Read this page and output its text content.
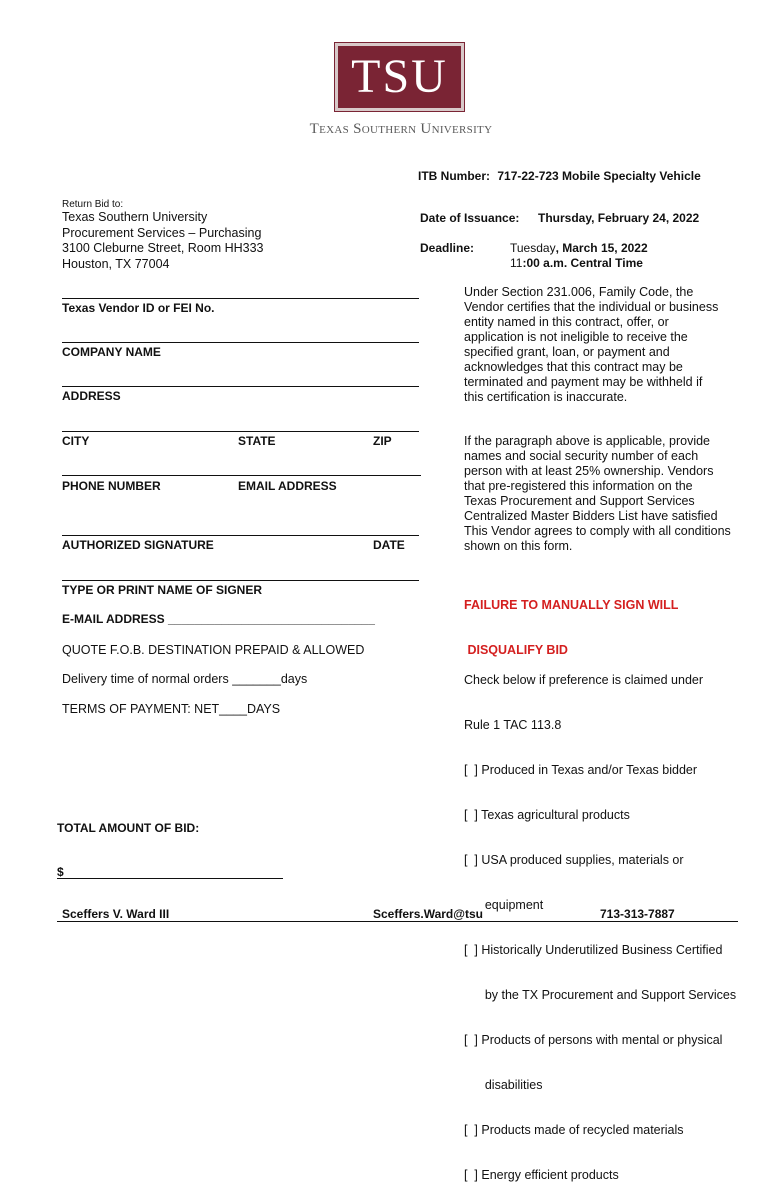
TSU
Texas Southern University
ITB Number: 717-22-723 Mobile Specialty Vehicle
Return Bid to:
Texas Southern University
Procurement Services – Purchasing
3100 Cleburne Street, Room HH333
Houston, TX 77004
Date of Issuance: Thursday, February 24, 2022
Deadline:	Tuesday, March 15, 2022
11:00 a.m. Central Time
Texas Vendor ID or FEI No.
COMPANY NAME
ADDRESS
CITY	STATE	ZIP
PHONE NUMBER	EMAIL ADDRESS
AUTHORIZED SIGNATURE	DATE
TYPE OR PRINT NAME OF SIGNER
E-MAIL ADDRESS _______________________________
Under Section 231.006, Family Code, the
Vendor certifies that the individual or business
entity named in this contract, offer, or
application is not ineligible to receive the
specified grant, loan, or payment and
acknowledges that this contract may be
terminated and payment may be withheld if
this certification is inaccurate.
If the paragraph above is applicable, provide
names and social security number of each
person with at least 25% ownership. Vendors
that pre-registered this information on the
Texas Procurement and Support Services
Centralized Master Bidders List have satisfied
This Vendor agrees to comply with all conditions
shown on this form.

FAILURE TO MANUALLY SIGN WILL

DISQUALIFY BID

QUOTE F.O.B. DESTINATION PREPAID & ALLOWED
Delivery time of normal orders _______days
TERMS OF PAYMENT: NET____DAYS

Check below if preference is claimed under

Rule 1 TAC 113.8

[  ] Produced in Texas and/or Texas bidder

[  ] Texas agricultural products

[  ] USA produced supplies, materials or

equipment

[  ] Historically Underutilized Business Certified

by the TX Procurement and Support Services

[  ] Products of persons with mental or physical

disabilities

[  ] Products made of recycled materials

[  ] Energy efficient products

TOTAL AMOUNT OF BID:
$
Sceffers V. Ward III	Sceffers.Ward@tsu	713-313-7887
